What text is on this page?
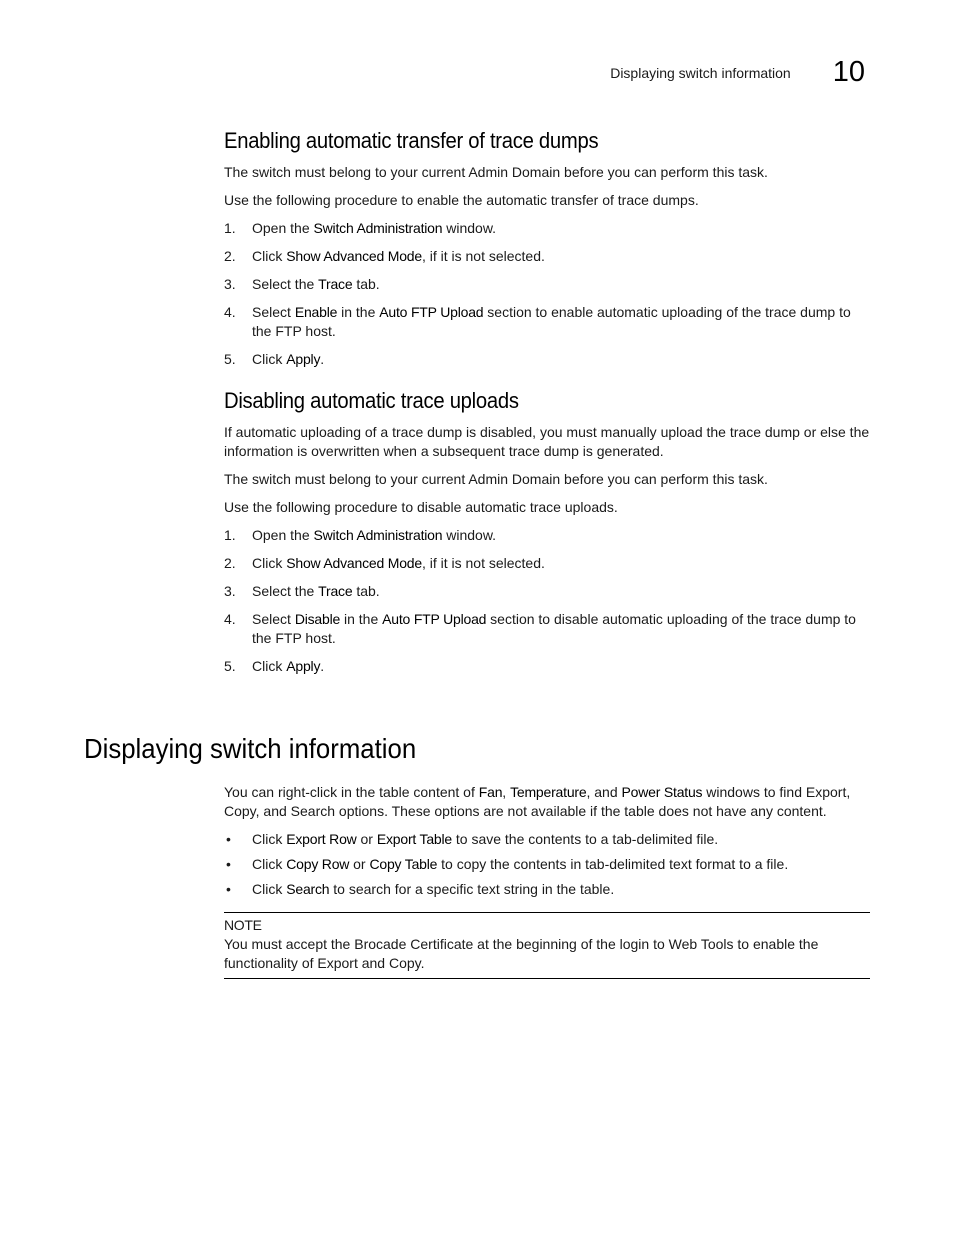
Displaying switch information 10
Enabling automatic transfer of trace dumps

The switch must belong to your current Admin Domain before you can perform this task.

Use the following procedure to enable the automatic transfer of trace dumps.

1. Open the Switch Administration window.
2. Click Show Advanced Mode, if it is not selected.
3. Select the Trace tab.
4. Select Enable in the Auto FTP Upload section to enable automatic uploading of the trace dump to the FTP host.
5. Click Apply.
Disabling automatic trace uploads

If automatic uploading of a trace dump is disabled, you must manually upload the trace dump or else the information is overwritten when a subsequent trace dump is generated.

The switch must belong to your current Admin Domain before you can perform this task.

Use the following procedure to disable automatic trace uploads.

1. Open the Switch Administration window.
2. Click Show Advanced Mode, if it is not selected.
3. Select the Trace tab.
4. Select Disable in the Auto FTP Upload section to disable automatic uploading of the trace dump to the FTP host.
5. Click Apply.

You can right-click in the table content of Fan, Temperature, and Power Status windows to find Export, Copy, and Search options. These options are not available if the table does not have any content.

• Click Export Row or Export Table to save the contents to a tab-delimited file.
• Click Copy Row or Copy Table to copy the contents in tab-delimited text format to a file.
• Click Search to search for a specific text string in the table.
NOTE
You must accept the Brocade Certificate at the beginning of the login to Web Tools to enable the functionality of Export and Copy.
Displaying switch information
